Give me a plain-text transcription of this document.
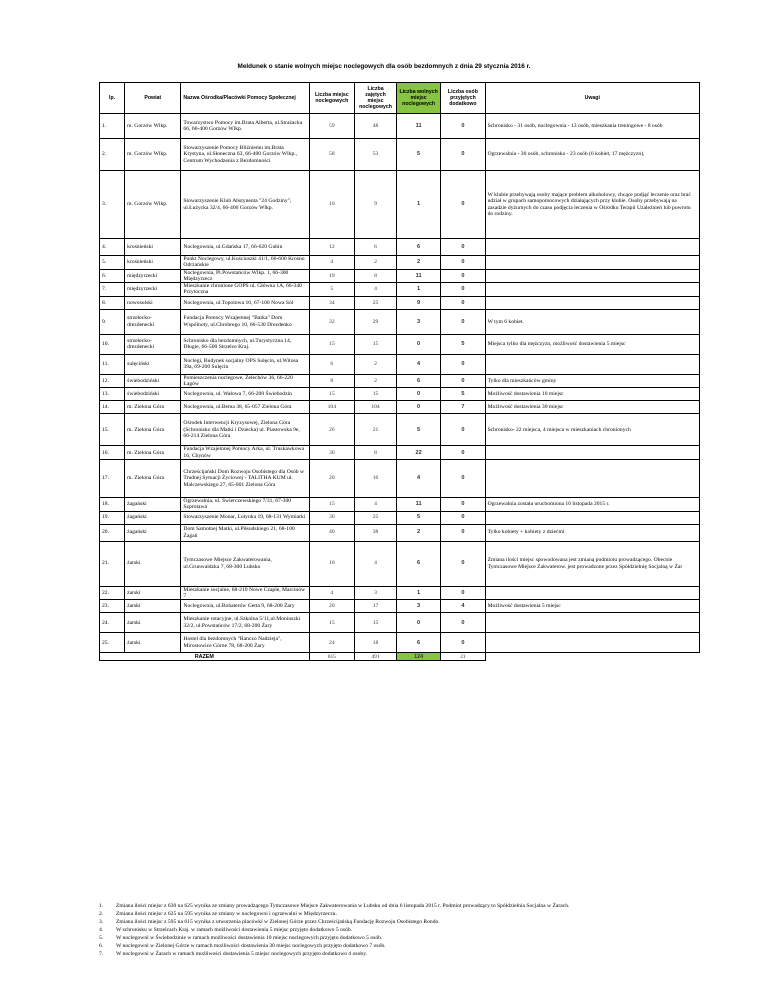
Meldunek o stanie wolnych miejsc noclegowych dla osób bezdomnych z dnia 29 stycznia 2016 r.
lp.	Powiat	Nazwa Ośrodka/Placówki Pomocy Społecznej	Liczba miejsc noclegowych	Liczba zajętych miejsc noclegowych	Liczba wolnych miejsc noclegowych	Liczba osób przyjętych dodatkowo	Uwagi
1.	m. Gorzów Wlkp.	Towarzystwo Pomocy im.Brata Alberta, ul.Strażacka 66, 66-400 Gorzów Wlkp.	59	48	11	0	Schronisko - 31 osób, noclegownia - 13 osób, mieszkania treningowe - 8 osób
2.	m. Gorzów Wlkp.	Stowarzyszenie Pomocy Bliźniemu im.Brata Krystyna, ul.Słoneczna 63, 66-400 Gorzów Wlkp., Centrum Wychodzenia z Bezdomności	58	53	5	0	Ogrzewalnia - 30 osób, schronisko - 23 osób (6 kobiet, 17 mężczyzn),
3.	m. Gorzów Wlkp.	Stowarzyszenie Klub Abstynenta "24 Godziny", ul.Łużycka 32/4, 66-400 Gorzów Wlkp.	10	9	1	0	W klubie przebywają osoby mające problem alkoholowy, chcące podjąć leczenie oraz brać udział w grupach samopomocowych działających przy klubie. Osoby przebywają na zasadzie dyżurnych do czasu podjęcia leczenia w Ośrodku Terapii Uzależnień lub powrotu do rodziny.
4.	krośnieński	Noclegownia, ul.Gdańska 17, 66-620 Gubin	12	6	6	0	
5.	krośnieński	Punkt Noclegowy, ul.Kościuszki 41/1, 66-600 Krosno Odrzańskie	4	2	2	0	
6.	międzyrzecki	Noclegownia, Pl.Powstańców Wlkp. 1, 66-300 Międzyrzecz	19	8	11	0	
7.	międzyrzecki	Mieszkanie chronione GOPS ul. Główna 1A, 66-340 Przytoczna	5	4	1	0	
8.	nowosolski	Noclegownia, ul.Topolowa 10, 67-100 Nowa Sól	34	25	9	0	
9.	strzelecko-drezdenecki	Fundacja Pomocy Wzajemnej "Barka" Dom Wspólnoty, ul.Chrobrego 10, 66-530 Drezdenko	32	29	3	0	W tym 6 kobiet.
10.	strzelecko-drezdenecki	Schronisko dla bezdomnych, ul.Turystyczna 14, Długie, 66-500 Strzelce Kraj.	15	15	0	5	Miejsca tylko dla mężczyzn, możliwość dostawienia 5 miejsc
11.	sulęciński	Noclegi, Budynek socjalny OPS Sulęcin, ul.Witosa 39a, 69-200 Sulęcin	6	2	4	0	
12.	świebodziński	Pomieszczenia noclegowe, Żelechów 36, 66-220 Łagów	8	2	6	0	Tylko dla mieszkańców gminy
13.	świebodziński	Noclegownia, ul. Wałowa 7, 66-200 Świebodzin	15	15	0	5	Możliwość dostawienia 10 miejsc
14.	m. Zielona Góra	Noclegownia, ul.Bema 38, 65-057 Zielona Góra	104	104	0	7	Możliwość dostawienia 30 miejsc
15.	m. Zielona Góra	Ośrodek Interwencji Kryzysowej, Zielona Góra (Schronisko dla Matki i Dziecka) ul. Piastowska 9e, 66-214 Zielona Góra	26	21	5	0	Schronisko- 22 miejsca, 4 miejsca w mieszkaniach chronionych
16.	m. Zielona Góra	Fundacja Wzajemnej Pomocy Arka, ul. Truskawkowa 16, Chynów	30	8	22	0	
17.	m. Zielona Góra	Chrześcijański Dom Rozwoju Osobistego dla Osób w Trudnej Sytuacji Życiowej - TALITHA KUM ul. Malczewskiego 27, 65-001 Zielona Góra	20	16	4	0	
18.	żagański	Ogrzewalnia, ul. Świerczewskiego 7/31, 67-300 Szprotawa	15	4	11	0	Ogrzewalnia została uruchomiona 10 listopada 2015 r.
19.	żagański	Stowarzyszenie Monar, Lutynka 19, 68-131 Wymiarki	30	25	5	0	
20.	żagański	Dom Samotnej Matki, ul.Piłsudskiego 21, 68-100 Żagań	40	38	2	0	Tylko kobiety + kobiety z dziećmi
21.	żarski	Tymczasowe Miejsce Zakwaterowania, ul.Grunwaldzka 7, 68-300 Lubsko	10	4	6	0	Zmiana ilości miejsc spowodowana jest zmianą podmiotu prowadzącego. Obecnie Tymczasowe Miejsce Zakwaterow. jest prowadzone przez Spółdzielnię Socjalną w Żar
22.	żarski	Mieszkanie socjalne, 68-210 Nowe Czaple, Marcinów 7	4	3	1	0	
23.	żarski	Noclegownia, ul.Bohaterów Getta 9, 68-200 Żary	20	17	3	4	Możliwość dostawienia 5 miejsc
24.	żarski	Mieszkanie rotacyjne, ul.Szkolna 5/11,ul.Moniuszki 32/2, ul.Powstańców 17/2, 68-200 Żary	15	15	0	0	
25.	żarski	Hostel dla bezdomnych "Ranczo Nadzieja", Mirostowice Górne 78, 68-200 Żary	24	18	6	0	
RAZEM			615	491	124	21	
1.	Zmiana ilości miejsc z 630 na 625 wynika ze zmiany prowadzącego Tymczasowe Miejsce Zakwaterowania w Lubsku od dnia 6 listopada 2015 r. Podmiot prowadzący to Spółdzielnia Socjalna w Żarach.
2.	Zmiana ilości miejsc z 625 na 595 wynika ze zmiany w noclegowni i ogrzewalni w Międzyrzeczu.
3.	Zmiana ilości miejsc z 595 na 615 wynika z utworzenia placówki w Zielonej Górze przez Chrześcijańską Fundację Rozwoju Osobistego Rondo.
4.	W schronisku w Strzelcach Kraj. w ramach możliwości dostawienia 5 miejsc przyjęto dodatkowo 5 osób.
5.	W noclegowni w Świebodzinie w ramach możliwości dostawienia 10 miejsc noclegowych przyjęto dodatkowo 5 osób.
6.	W noclegowni w Zielonej Górze w ramach możliwości dostawienia 30 miejsc noclegowych przyjęto dodatkowo 7 osób.
7.	W noclegowni w Żarach w ramach możliwości dostawienia 5 miejsc noclegowych przyjęto dodatkowo 4 osoby.
